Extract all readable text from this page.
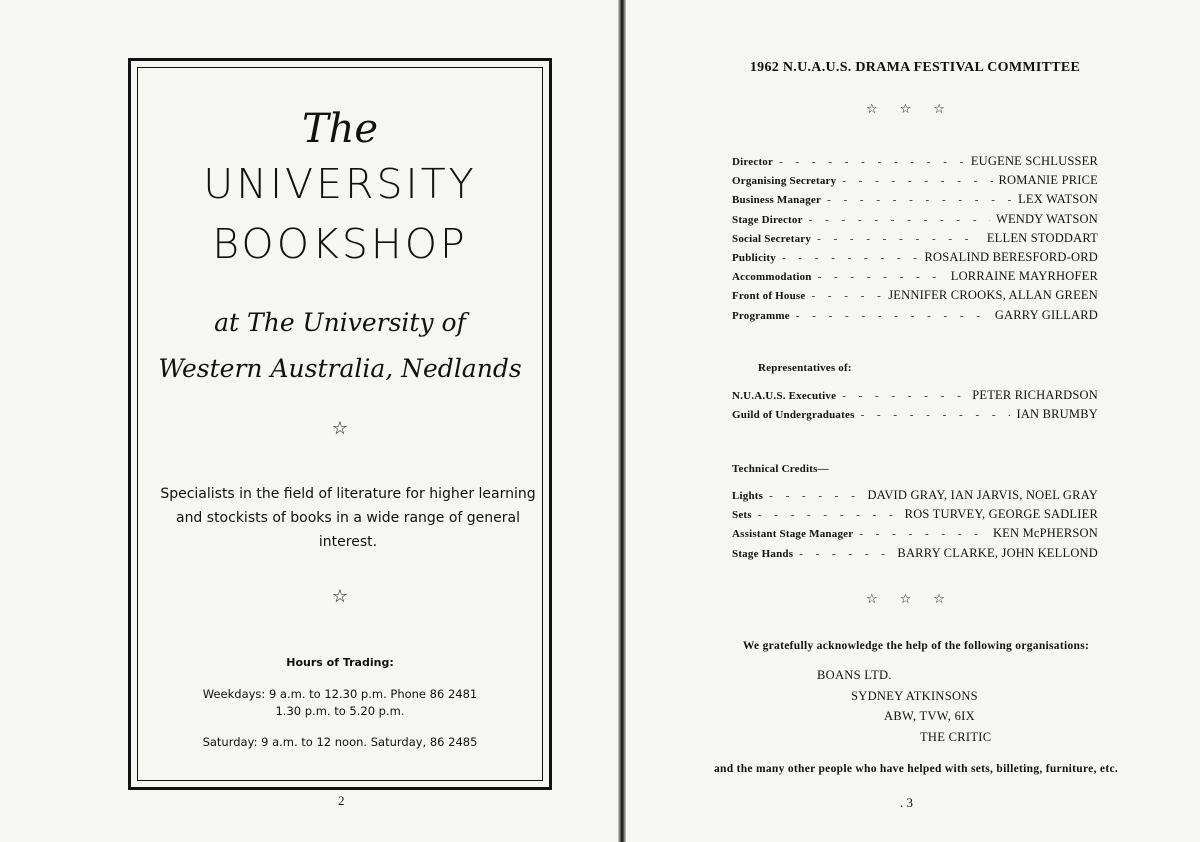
The
UNIVERSITY
BOOKSHOP
at The University of
Western Australia, Nedlands
☆
Specialists in the field of literature for higher learning and stockists of books in a wide range of general interest.
☆
Hours of Trading:
Weekdays: 9 a.m. to 12.30 p.m. Phone 86 2481
1.30 p.m. to 5.20 p.m.
Saturday: 9 a.m. to 12 noon. Saturday, 86 2485
2
1962 N.U.A.U.S. DRAMA FESTIVAL COMMITTEE
☆☆☆
Director - - -	EUGENE SCHLUSSER
Organising Secretary - - -	ROMANIE PRICE
Business Manager - - -	LEX WATSON
Stage Director - - -	WENDY WATSON
Social Secretary - - -	ELLEN STODDART
Publicity - - -	ROSALIND BERESFORD-ORD
Accommodation - - -	LORRAINE MAYRHOFER
Front of House - - -	JENNIFER CROOKS, ALLAN GREEN
Programme - - -	GARRY GILLARD
Representatives of:
N.U.A.U.S. Executive - - -	PETER RICHARDSON
Guild of Undergraduates - - -	IAN BRUMBY
Technical Credits—
Lights - - -	DAVID GRAY, IAN JARVIS, NOEL GRAY
Sets - - -	ROS TURVEY, GEORGE SADLIER
Assistant Stage Manager - - -	KEN McPHERSON
Stage Hands - - -	BARRY CLARKE, JOHN KELLOND
☆☆☆
We gratefully acknowledge the help of the following organisations:
BOANS LTD.
SYDNEY ATKINSONS
ABW, TVW, 6IX
THE CRITIC
and the many other people who have helped with sets, billeting, furniture, etc.
. 3
